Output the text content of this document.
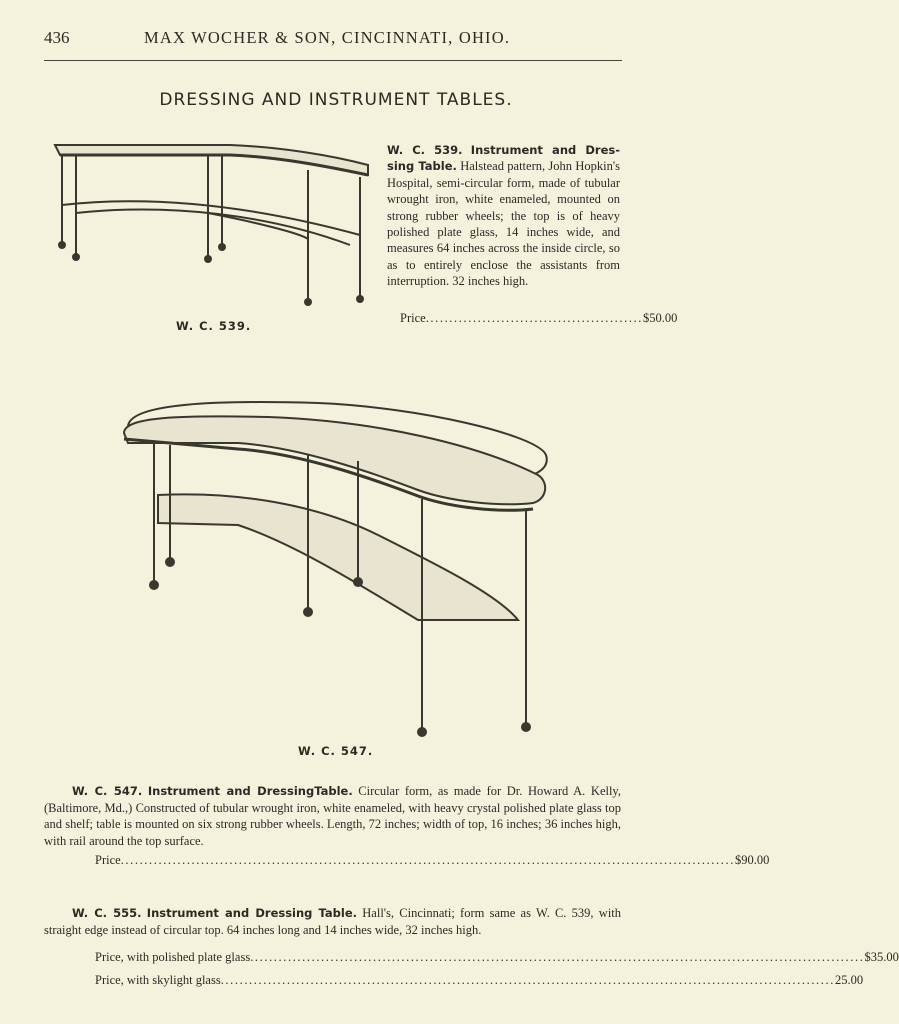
436	MAX WOCHER & SON, CINCINNATI, OHIO.
DRESSING AND INSTRUMENT TABLES.
W. C. 539.
W. C. 539. Instrument and Dres- sing Table. Halstead pattern, John Hopkin's Hospital, semi-circular form, made of tubular wrought iron, white enameled, mounted on strong rubber wheels; the top is of heavy polished plate glass, 14 inches wide, and measures 64 inches across the inside circle, so as to entirely enclose the assistants from interruption. 32 inches high.
Price .............................................. $50.00
W. C. 547.
W. C. 547. Instrument and DressingTable. Circular form, as made for Dr. Howard A. Kelly, (Baltimore, Md.,) Constructed of tubular wrought iron, white enameled, with heavy crystal polished plate glass top and shelf; table is mounted on six strong rubber wheels. Length, 72 inches; width of top, 16 inches; 36 inches high, with rail around the top surface.
Price .................................................................................................................................. $90.00
W. C. 555. Instrument and Dressing Table. Hall's, Cincinnati; form same as W. C. 539, with straight edge instead of circular top. 64 inches long and 14 inches wide, 32 inches high.
Price, with polished plate glass .................................................................................................................................. $35.00
Price, with skylight glass .................................................................................................................................. 25.00
